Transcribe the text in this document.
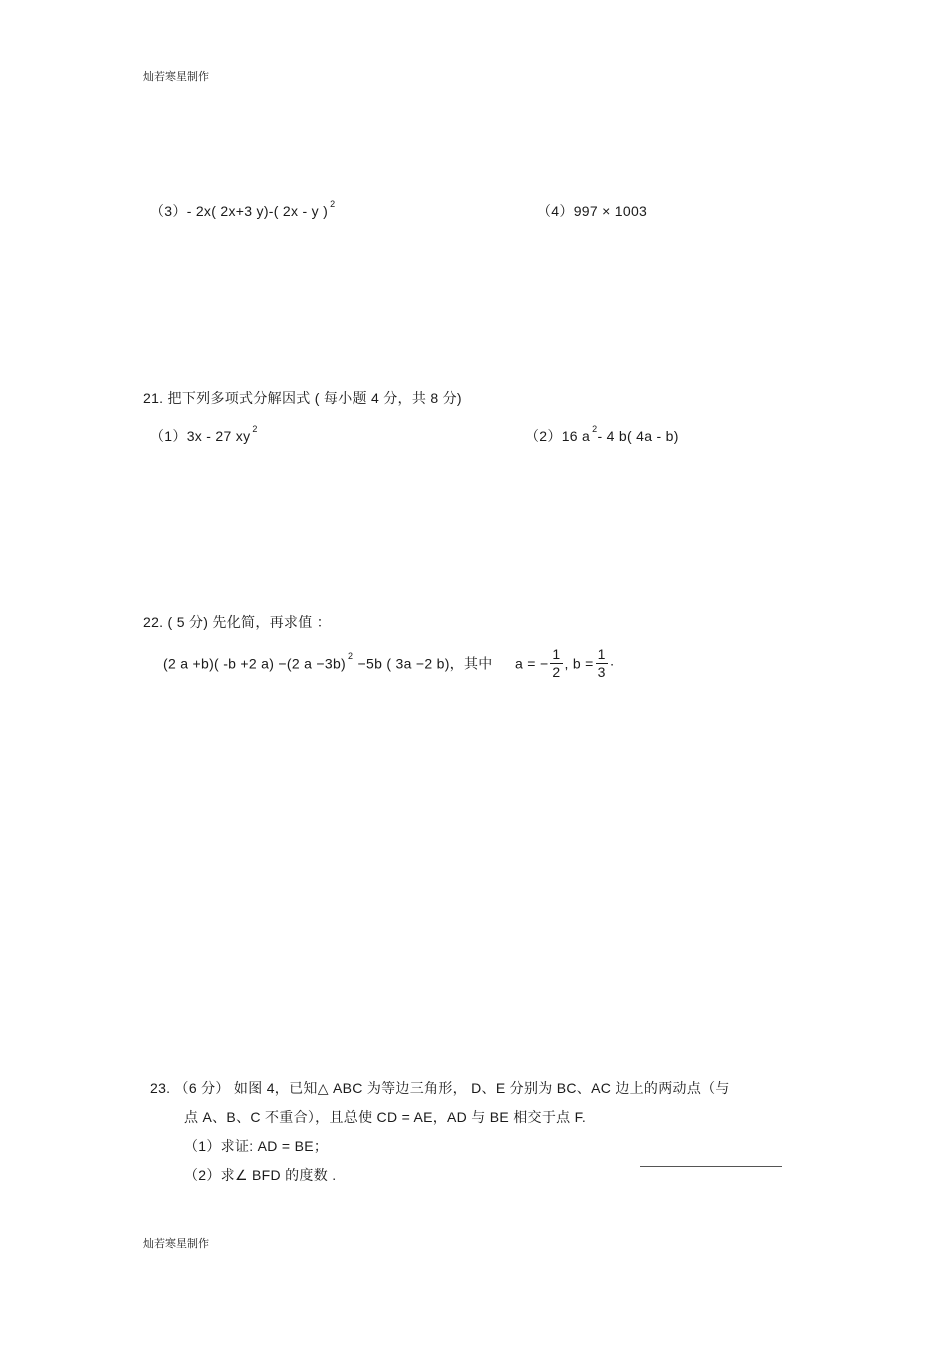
灿若寒星制作
（3）- 2x( 2x+3 y)-( 2x - y ) $^2$	（4）997 × 1003
21. 把下列多项式分解因式 ( 每小题 4 分，共 8 分)
（1）3x - 27 xy $^2$	（2）16 a $^2$- 4 b( 4a - b)
22. ( 5 分) 先化简，再求值 ：
(2 a +b)( -b +2 a) −(2 a −3b) $^2$ −5b ( 3a −2 b)，其中 a = − $\frac{1}{2}$ , $b = \frac{1}{3}$ ·
23. （6 分） 如图 4，已知△ ABC 为等边三角形， D、E 分别为 BC、AC 边上的两动点（与
点 A、B、C 不重合），且总使 CD = AE，AD 与 BE 相交于点 F.
（1）求证: AD = BE；
（2）求∠ BFD 的度数 .
灿若寒星制作
